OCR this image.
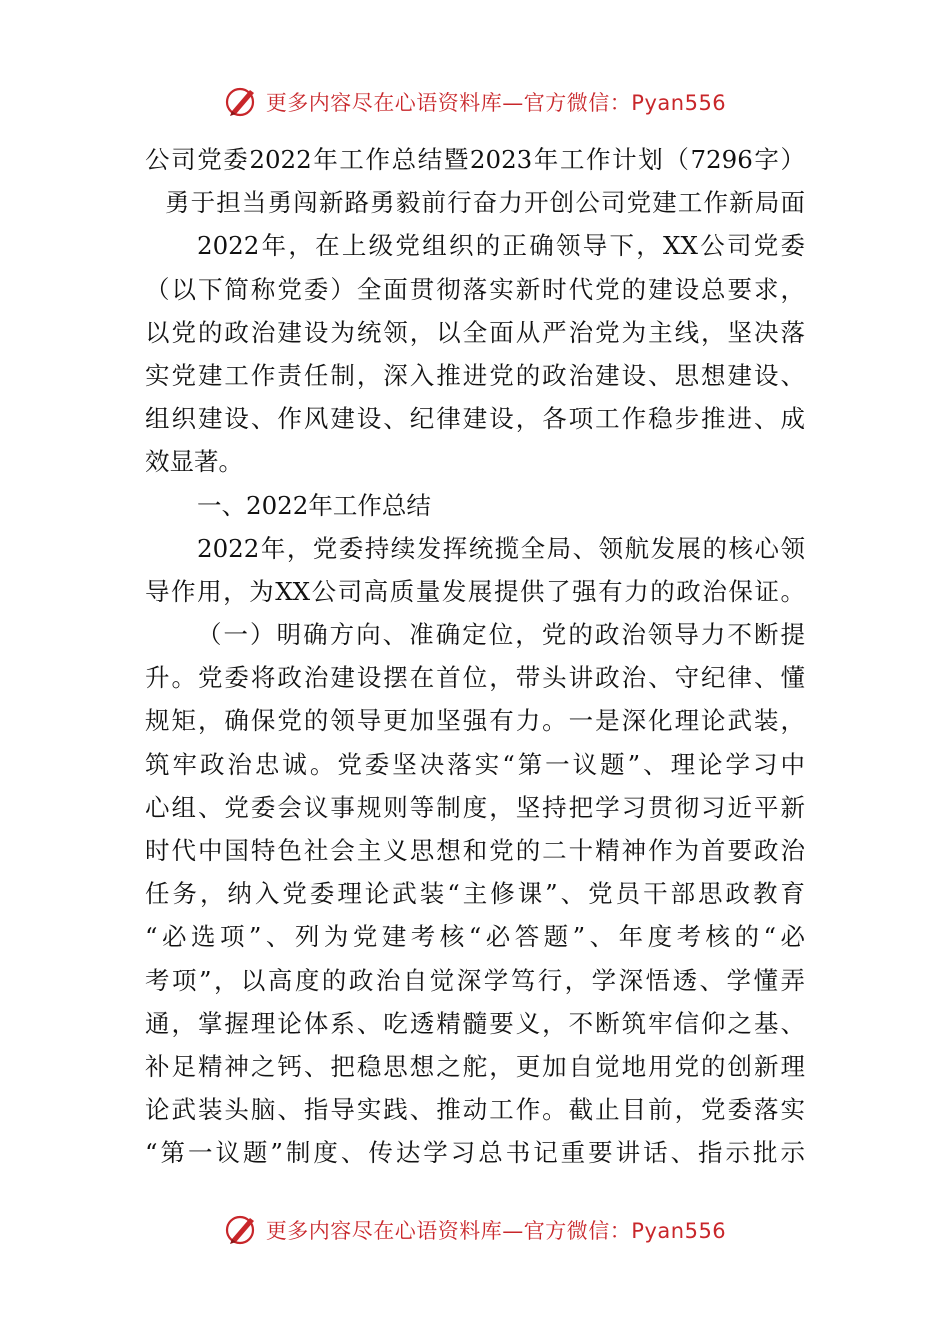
更多内容尽在心语资料库—官方微信：Pyan556
公司党委2022年工作总结暨2023年工作计划（7296字）
勇于担当勇闯新路勇毅前行奋力开创公司党建工作新局面
2022年，在上级党组织的正确领导下，XX公司党委
（以下简称党委）全面贯彻落实新时代党的建设总要求，
以党的政治建设为统领，以全面从严治党为主线，坚决落
实党建工作责任制，深入推进党的政治建设、思想建设、
组织建设、作风建设、纪律建设，各项工作稳步推进、成
效显著。
一、2022年工作总结
2022年，党委持续发挥统揽全局、领航发展的核心领
导作用，为XX公司高质量发展提供了强有力的政治保证。
（一）明确方向、准确定位，党的政治领导力不断提
升。党委将政治建设摆在首位，带头讲政治、守纪律、懂
规矩，确保党的领导更加坚强有力。一是深化理论武装，
筑牢政治忠诚。党委坚决落实“第一议题”、理论学习中
心组、党委会议事规则等制度，坚持把学习贯彻习近平新
时代中国特色社会主义思想和党的二十精神作为首要政治
任务，纳入党委理论武装“主修课”、党员干部思政教育
“必选项”、列为党建考核“必答题”、年度考核的“必
考项”，以高度的政治自觉深学笃行，学深悟透、学懂弄
通，掌握理论体系、吃透精髓要义，不断筑牢信仰之基、
补足精神之钙、把稳思想之舵，更加自觉地用党的创新理
论武装头脑、指导实践、推动工作。截止目前，党委落实
“第一议题”制度、传达学习总书记重要讲话、指示批示
更多内容尽在心语资料库—官方微信：Pyan556
